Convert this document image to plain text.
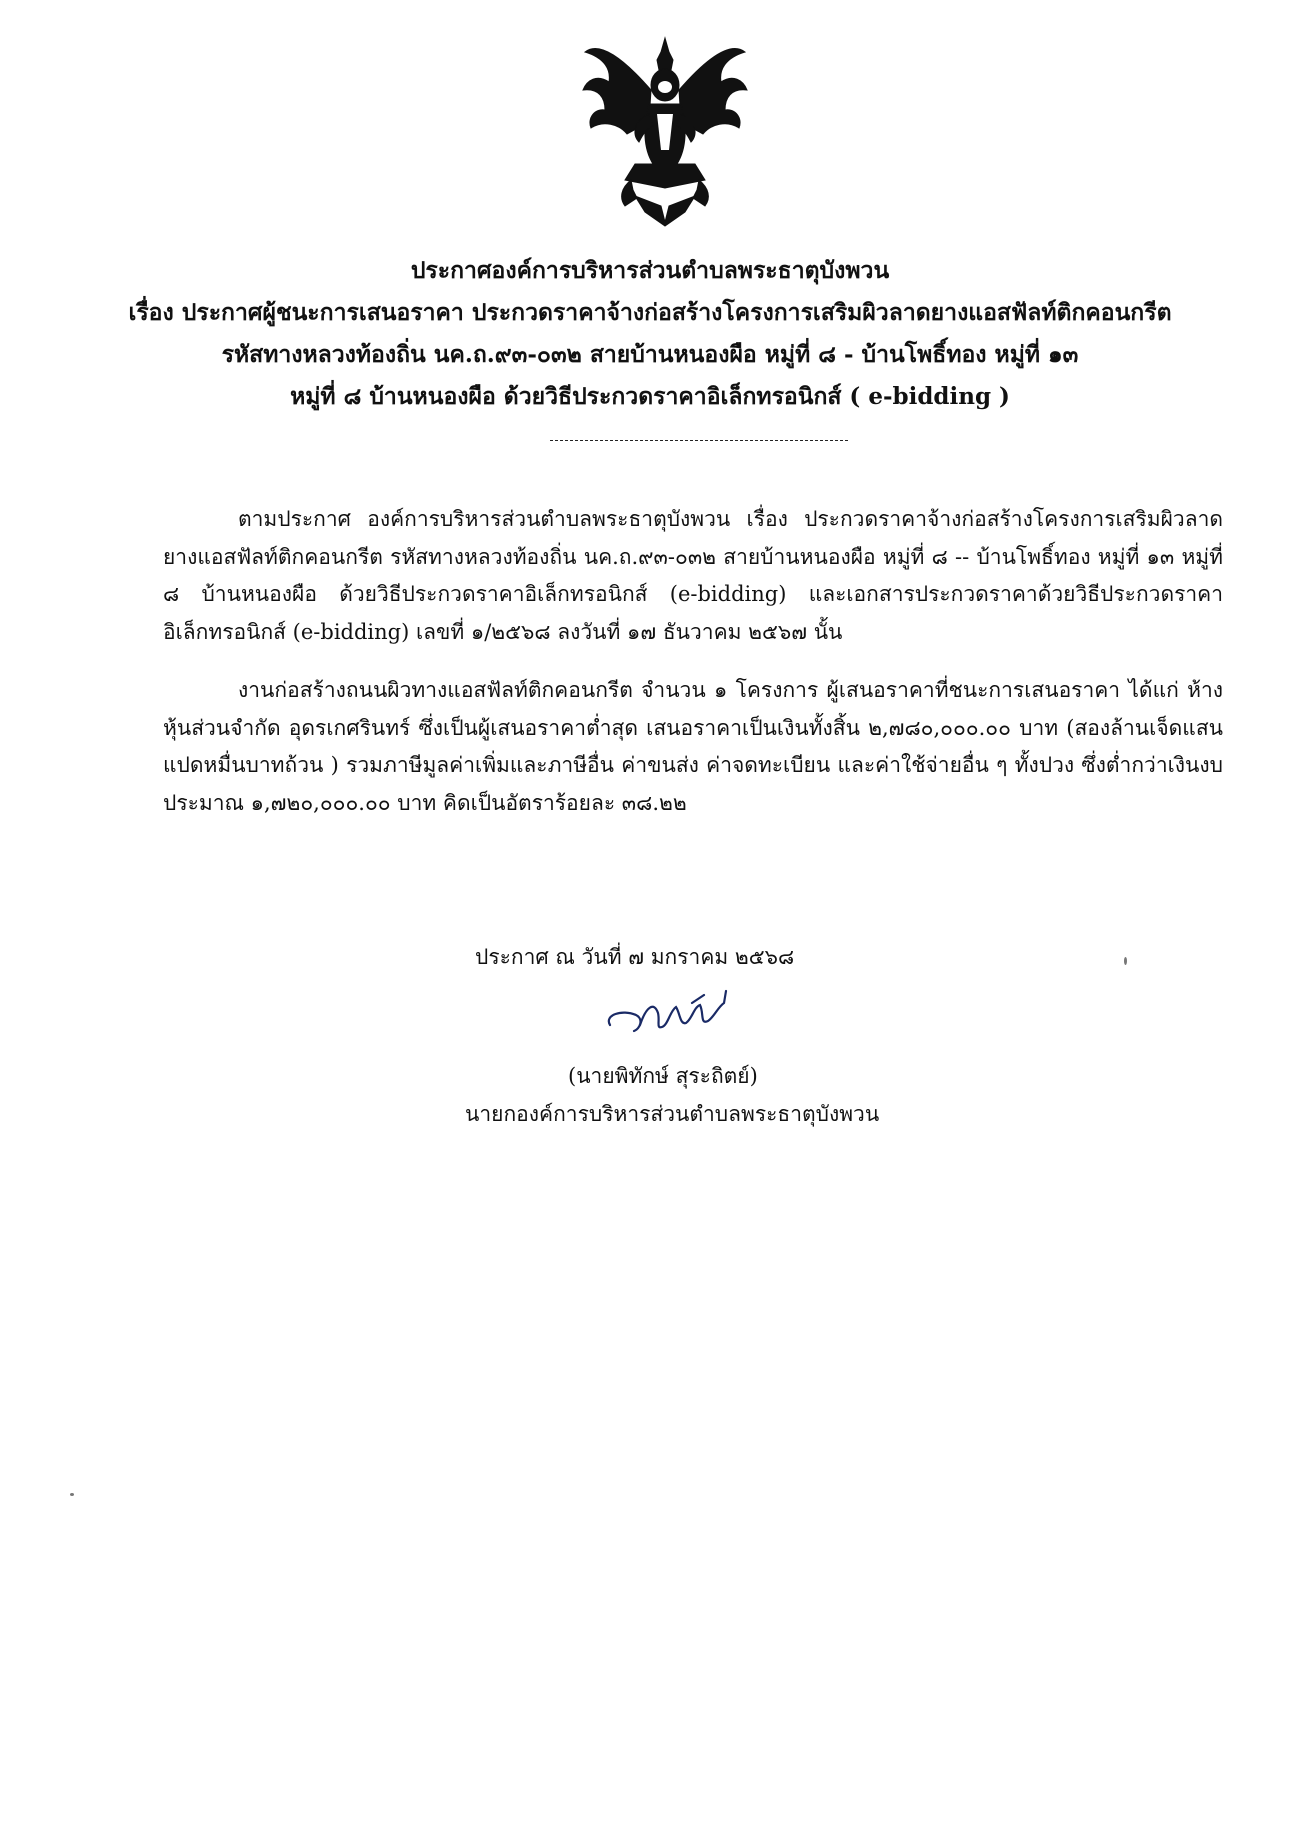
ประกาศองค์การบริหารส่วนตำบลพระธาตุบังพวน
เรื่อง ประกาศผู้ชนะการเสนอราคา ประกวดราคาจ้างก่อสร้างโครงการเสริมผิวลาดยางแอสฟัลท์ติกคอนกรีต
รหัสทางหลวงท้องถิ่น นค.ถ.๙๓-๐๓๒ สายบ้านหนองผือ หมู่ที่ ๘ - บ้านโพธิ์ทอง หมู่ที่ ๑๓
หมู่ที่ ๘ บ้านหนองผือ ด้วยวิธีประกวดราคาอิเล็กทรอนิกส์ ( e-bidding )

ตามประกาศ องค์การบริหารส่วนตำบลพระธาตุบังพวน เรื่อง ประกวดราคาจ้างก่อสร้างโครงการเสริมผิวลาดยางแอสฟัลท์ติกคอนกรีต รหัสทางหลวงท้องถิ่น นค.ถ.๙๓-๐๓๒ สายบ้านหนองผือ หมู่ที่ ๘ -- บ้านโพธิ์ทอง หมู่ที่ ๑๓ หมู่ที่ ๘ บ้านหนองผือ ด้วยวิธีประกวดราคาอิเล็กทรอนิกส์ (e-bidding) และเอกสารประกวดราคาด้วยวิธีประกวดราคาอิเล็กทรอนิกส์ (e-bidding) เลขที่ ๑/๒๕๖๘ ลงวันที่ ๑๗ ธันวาคม ๒๕๖๗ นั้น

งานก่อสร้างถนนผิวทางแอสฟัลท์ติกคอนกรีต จำนวน ๑ โครงการ ผู้เสนอราคาที่ชนะการเสนอราคา ได้แก่ ห้างหุ้นส่วนจำกัด อุดรเกศรินทร์ ซึ่งเป็นผู้เสนอราคาต่ำสุด เสนอราคาเป็นเงินทั้งสิ้น ๒,๗๘๐,๐๐๐.๐๐ บาท (สองล้านเจ็ดแสนแปดหมื่นบาทถ้วน ) รวมภาษีมูลค่าเพิ่มและภาษีอื่น ค่าขนส่ง ค่าจดทะเบียน และค่าใช้จ่ายอื่น ๆ ทั้งปวง ซึ่งต่ำกว่าเงินงบประมาณ ๑,๗๒๐,๐๐๐.๐๐ บาท คิดเป็นอัตราร้อยละ ๓๘.๒๒

ประกาศ ณ วันที่ ๗ มกราคม ๒๕๖๘
(นายพิทักษ์ สุระถิตย์)
นายกองค์การบริหารส่วนตำบลพระธาตุบังพวน
